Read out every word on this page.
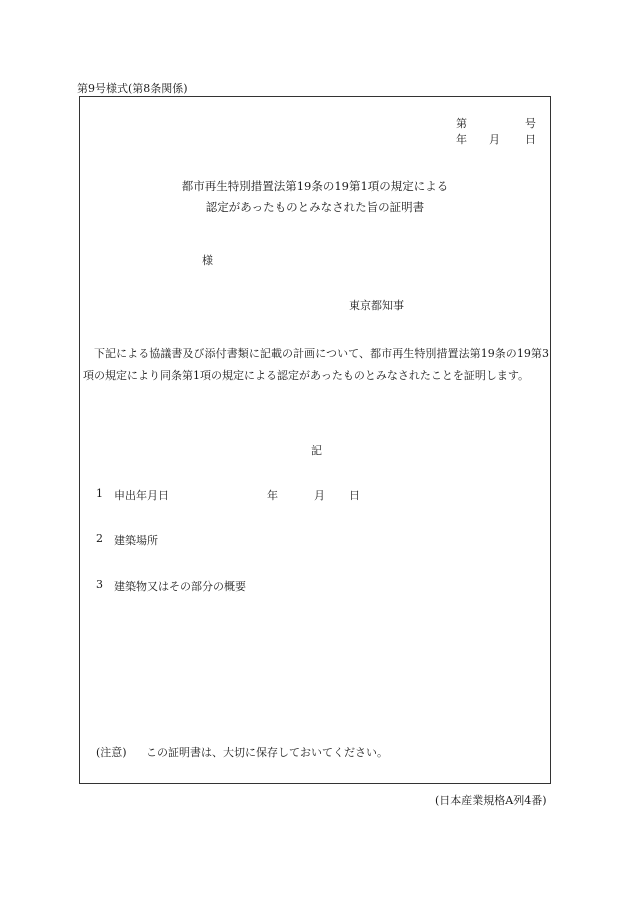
第9号様式(第8条関係)
第	号
年 月 日
都市再生特別措置法第19条の19第1項の規定による
認定があったものとみなされた旨の証明書
様
東京都知事

下記による協議書及び添付書類に記載の計画について、都市再生特別措置法第19条の19第3項の規定により同条第1項の規定による認定があったものとみなされたことを証明します。

記
1 申出年月日	年	月 日
2 建築場所
3 建築物又はその部分の概要
(注意) この証明書は、大切に保存しておいてください。
(日本産業規格A列4番)
